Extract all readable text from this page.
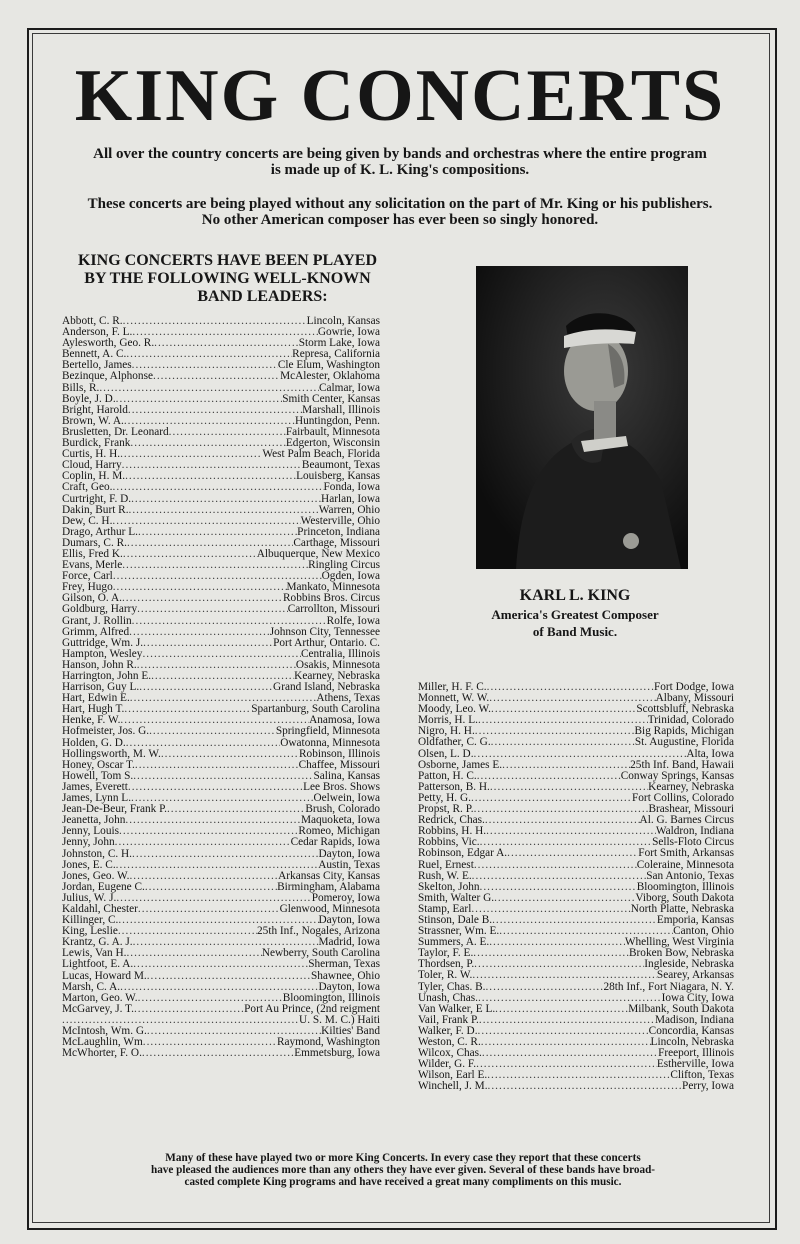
KING CONCERTS
All over the country concerts are being given by bands and orchestras where the entire program
is made up of K. L. King's compositions.
These concerts are being played without any solicitation on the part of Mr. King or his publishers.
No other American composer has ever been so singly honored.
KING CONCERTS HAVE BEEN PLAYED
BY THE FOLLOWING WELL-KNOWN
BAND LEADERS:
Abbott, C. R. .....	Lincoln, Kansas
Anderson, F. L. .....	Gowrie, Iowa
Aylesworth, Geo. R. .....	Storm Lake, Iowa
Bennett, A. C. .....	Represa, California
Bertello, James .....	Cle Elum, Washington
Bezinque, Alphonse .....	McAlester, Oklahoma
Bills, R. .....	Calmar, Iowa
Boyle, J. D. .....	Smith Center, Kansas
Bright, Harold .....	Marshall, Illinois
Brown, W. A. .....	Huntingdon, Penn.
Brusletten, Dr. Leonard .....	Fairbault, Minnesota
Burdick, Frank .....	Edgerton, Wisconsin
Curtis, H. H. .....	West Palm Beach, Florida
Cloud, Harry .....	Beaumont, Texas
Coplin, H. M. .....	Louisberg, Kansas
Craft, Geo. .....	Fonda, Iowa
Curtright, F. D. .....	Harlan, Iowa
Dakin, Burt R. .....	Warren, Ohio
Dew, C. H. .....	Westerville, Ohio
Drago, Arthur L. .....	Princeton, Indiana
Dumars, C. R. .....	Carthage, Missouri
Ellis, Fred K. .....	Albuquerque, New Mexico
Evans, Merle .....	Ringling Circus
Force, Carl .....	Ogden, Iowa
Frey, Hugo .....	Mankato, Minnesota
Gilson, O. A. .....	Robbins Bros. Circus
Goldburg, Harry .....	Carrollton, Missouri
Grant, J. Rollin .....	Rolfe, Iowa
Grimm, Alfred .....	Johnson City, Tennessee
Guttridge, Wm. J. .....	Port Arthur, Ontario. C.
Hampton, Wesley .....	Centralia, Illinois
Hanson, John R. .....	Osakis, Minnesota
Harrington, John E. .....	Kearney, Nebraska
Harrison, Guy L. .....	Grand Island, Nebraska
Hart, Edwin E. .....	Athens, Texas
Hart, Hugh T. .....	Spartanburg, South Carolina
Henke, F. W. .....	Anamosa, Iowa
Hofmeister, Jos. G. .....	Springfield, Minnesota
Holden, G. D. .....	Owatonna, Minnesota
Hollingsworth, M. W. .....	Robinson, Illinois
Honey, Oscar T. .....	Chaffee, Missouri
Howell, Tom S. .....	Salina, Kansas
James, Everett .....	Lee Bros. Shows
James, Lynn L. .....	Oelwein, Iowa
Jean-De-Beur, Frank P. .....	Brush, Colorado
Jeanetta, John .....	Maquoketa, Iowa
Jenny, Louis .....	Romeo, Michigan
Jenny, John .....	Cedar Rapids, Iowa
Johnston, C. H. .....	Dayton, Iowa
Jones, E. C. .....	Austin, Texas
Jones, Geo. W. .....	Arkansas City, Kansas
Jordan, Eugene C. .....	Birmingham, Alabama
Julius, W. J. .....	Pomeroy, Iowa
Kaldahl, Chester .....	Glenwood, Minnesota
Killinger, C. .....	Dayton, Iowa
King, Leslie .....	25th Inf., Nogales, Arizona
Krantz, G. A. J. .....	Madrid, Iowa
Lewis, Van H. .....	Newberry, South Carolina
Lightfoot, E. A. .....	Sherman, Texas
Lucas, Howard M. .....	Shawnee, Ohio
Marsh, C. A. .....	Dayton, Iowa
Marton, Geo. W. .....	Bloomington, Illinois
McGarvey, J. T. .....	Port Au Prince, (2nd reigment
.....
U. S. M. C.) Haiti
McIntosh, Wm. G. .....	Kilties' Band
McLaughlin, Wm .....	Raymond, Washington
McWhorter, F. O. .....	Emmetsburg, Iowa
KARL L. KING
America's Greatest Composer
of Band Music.
Miller, H. F. C. .....	Fort Dodge, Iowa
Monnett, W. W. .....	Albany, Missouri
Moody, Leo. W. .....	Scottsbluff, Nebraska
Morris, H. L. .....	Trinidad, Colorado
Nigro, H. H. .....	Big Rapids, Michigan
Oldfather, C. G. .....	St. Augustine, Florida
Olsen, L. D. .....	Alta, Iowa
Osborne, James E. .....	25th Inf. Band, Hawaii
Patton, H. C. .....	Conway Springs, Kansas
Patterson, B. H. .....	Kearney, Nebraska
Petty, H. G. .....	Fort Collins, Colorado
Propst, R. P. .....	Brashear, Missouri
Redrick, Chas. .....	Al. G. Barnes Circus
Robbins, H. H. .....	Waldron, Indiana
Robbins, Vic. .....	Sells-Floto Circus
Robinson, Edgar A. .....	Fort Smith, Arkansas
Ruel, Ernest .....	Coleraine, Minnesota
Rush, W. E. .....	San Antonio, Texas
Skelton, John .....	Bloomington, Illinois
Smith, Walter G. .....	Viborg, South Dakota
Stamp, Earl .....	North Platte, Nebraska
Stinson, Dale B. .....	Emporia, Kansas
Strassner, Wm. E. .....	Canton, Ohio
Summers, A. E. .....	Whelling, West Virginia
Taylor, F. E. .....	Broken Bow, Nebraska
Thordsen, P. .....	Ingleside, Nebraska
Toler, R. W. .....	Searey, Arkansas
Tyler, Chas. B. .....	28th Inf., Fort Niagara, N. Y.
Unash, Chas. .....	Iowa City, Iowa
Van Walker, E L. .....	Milbank, South Dakota
Vail, Frank P. .....	Madison, Indiana
Walker, F. D. .....	Concordia, Kansas
Weston, C. R. .....	Lincoln, Nebraska
Wilcox, Chas. .....	Freeport, Illinois
Wilder, G. F. .....	Estherville, Iowa
Wilson, Earl E. .....	Clifton, Texas
Winchell, J. M. .....	Perry, Iowa
Many of these have played two or more King Concerts. In every case they report that these concerts
have pleased the audiences more than any others they have ever given. Several of these bands have broad-
casted complete King programs and have received a great many compliments on this music.
